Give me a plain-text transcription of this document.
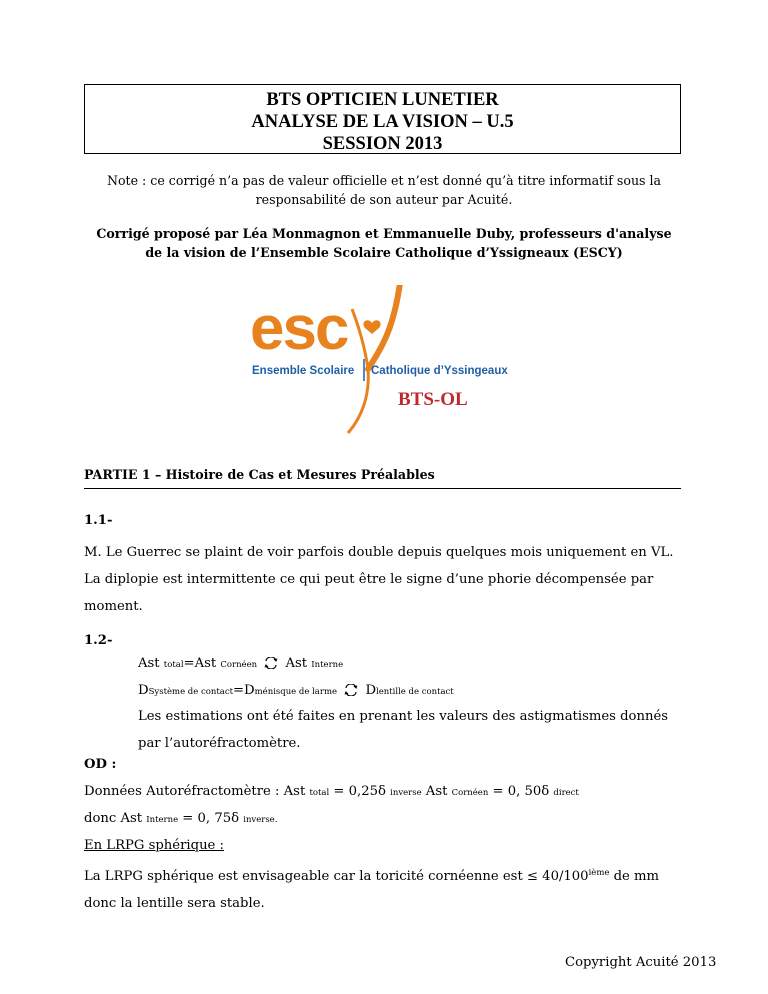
BTS OPTICIEN LUNETIER
ANALYSE DE LA VISION – U.5
SESSION 2013
Note : ce corrigé n’a pas de valeur officielle et n’est donné qu’à titre informatif sous la
responsabilité de son auteur par Acuité.
Corrigé proposé par Léa Monmagnon et Emmanuelle Duby, professeurs d'analyse
de la vision de l’Ensemble Scolaire Catholique d’Yssigneaux (ESCY)
esc
Ensemble Scolaire Catholique d’Yssingeaux
BTS-OL
PARTIE 1 – Histoire de Cas et Mesures Préalables
1.1-
M. Le Guerrec se plaint de voir parfois double depuis quelques mois uniquement en VL.
La diplopie est intermittente ce qui peut être le signe d’une phorie décompensée par
moment.
1.2-
Ast total=Ast Cornéen Ast Interne
DSystème de contact=Dménisque de larme Dlentille de contact
Les estimations ont été faites en prenant les valeurs des astigmatismes donnés
par l’autoréfractomètre.
OD :
Données Autoréfractomètre : Ast total = 0,25δ inverse Ast Cornéen = 0, 50δ direct
donc Ast Interne = 0, 75δ inverse.
En LRPG sphérique :
La LRPG sphérique est envisageable car la toricité cornéenne est ≤ 40/100ième de mm
donc la lentille sera stable.
Copyright Acuité 2013
